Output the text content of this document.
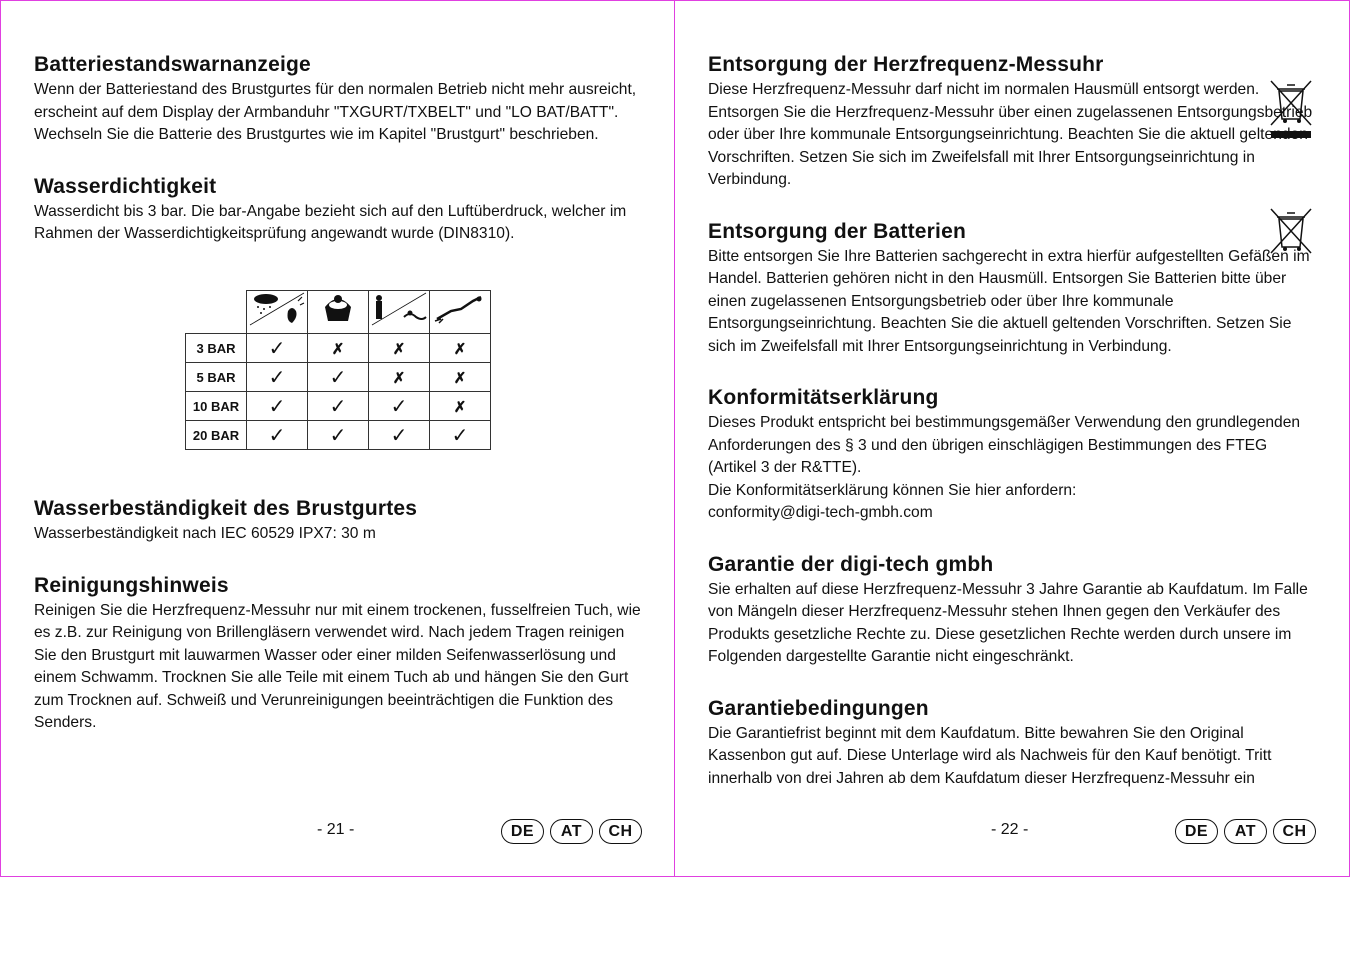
Batteriestandswarnanzeige

Wenn der Batteriestand des Brustgurtes für den normalen Betrieb nicht mehr ausreicht, erscheint auf dem Display der Armbanduhr "TXGURT/TXBELT" und "LO BAT/BATT". Wechseln Sie die Batterie des Brustgurtes wie im Kapitel "Brustgurt" beschrieben.

Wasserdichtigkeit

Wasserdicht bis 3 bar. Die bar-Angabe bezieht sich auf den Luftüberdruck, welcher im Rahmen der Wasserdichtigkeitsprüfung angewandt wurde (DIN8310).

3 BAR	✓	✗	✗	✗
5 BAR	✓	✓	✗	✗
10 BAR	✓	✓	✓	✗
20 BAR	✓	✓	✓	✓
Wasserbeständigkeit des Brustgurtes

Wasserbeständigkeit nach IEC 60529 IPX7: 30 m

Reinigungshinweis

Reinigen Sie die Herzfrequenz-Messuhr nur mit einem trockenen, fusselfreien Tuch, wie es z.B. zur Reinigung von Brillengläsern verwendet wird. Nach jedem Tragen reinigen Sie den Brustgurt mit lauwarmen Wasser oder einer milden Seifenwasserlösung und einem Schwamm. Trocknen Sie alle Teile mit einem Tuch ab und hängen Sie den Gurt zum Trocknen auf. Schweiß und Verunreinigungen beeinträchtigen die Funktion des Senders.

- 21 -	DE	AT	CH
Entsorgung der Herzfrequenz-Messuhr

Diese Herzfrequenz-Messuhr darf nicht im normalen Hausmüll entsorgt werden. Entsorgen Sie die Herzfrequenz-Messuhr über einen zugelassenen Entsorgungsbetrieb oder über Ihre kommunale Entsorgungseinrichtung. Beachten Sie die aktuell geltenden Vorschriften. Setzen Sie sich im Zweifelsfall mit Ihrer Entsorgungseinrichtung in Verbindung.

Entsorgung der Batterien

Bitte entsorgen Sie Ihre Batterien sachgerecht in extra hierfür aufgestellten Gefäßen im Handel. Batterien gehören nicht in den Hausmüll. Entsorgen Sie Batterien bitte über einen zugelassenen Entsorgungsbetrieb oder über Ihre kommunale Entsorgungseinrichtung. Beachten Sie die aktuell geltenden Vorschriften. Setzen Sie sich im Zweifelsfall mit Ihrer Entsorgungseinrichtung in Verbindung.

Konformitätserklärung

Dieses Produkt entspricht bei bestimmungsgemäßer Verwendung den grundlegenden Anforderungen des § 3 und den übrigen einschlägigen Bestimmungen des FTEG (Artikel 3 der R&TTE).

Die Konformitätserklärung können Sie hier anfordern:

conformity@digi-tech-gmbh.com

Garantie der digi-tech gmbh

Sie erhalten auf diese Herzfrequenz-Messuhr 3 Jahre Garantie ab Kaufdatum. Im Falle von Mängeln dieser Herzfrequenz-Messuhr stehen Ihnen gegen den Verkäufer des Produkts gesetzliche Rechte zu. Diese gesetzlichen Rechte werden durch unsere im Folgenden dargestellte Garantie nicht eingeschränkt.

Garantiebedingungen

Die Garantiefrist beginnt mit dem Kaufdatum. Bitte bewahren Sie den Original Kassenbon gut auf. Diese Unterlage wird als Nachweis für den Kauf benötigt. Tritt innerhalb von drei Jahren ab dem Kaufdatum dieser Herzfrequenz-Messuhr ein

- 22 -	DE	AT	CH
